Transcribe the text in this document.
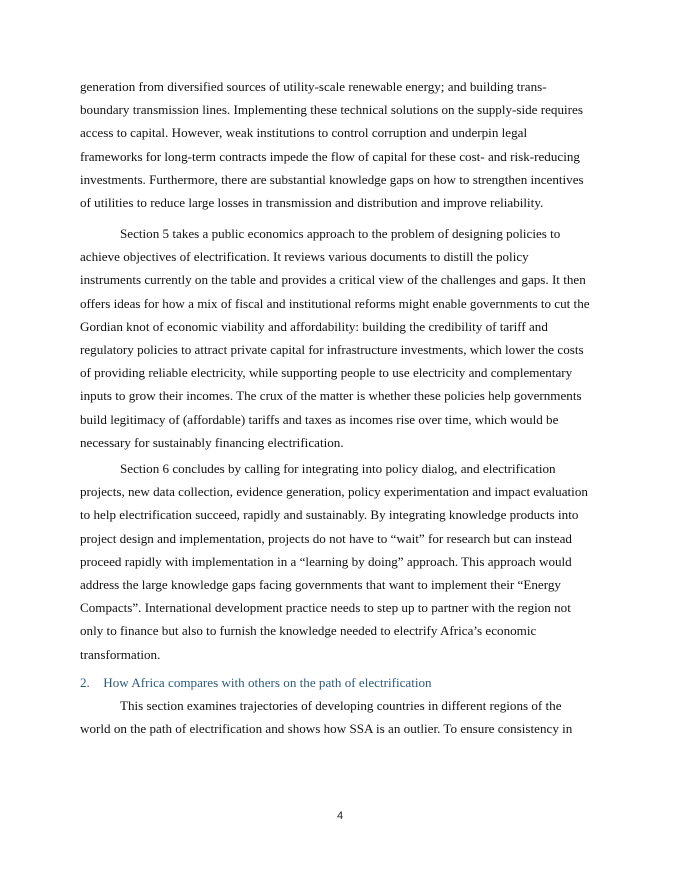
generation from diversified sources of utility-scale renewable energy; and building trans-
boundary transmission lines. Implementing these technical solutions on the supply-side requires
access to capital. However, weak institutions to control corruption and underpin legal
frameworks for long-term contracts impede the flow of capital for these cost- and risk-reducing
investments. Furthermore, there are substantial knowledge gaps on how to strengthen incentives
of utilities to reduce large losses in transmission and distribution and improve reliability.
Section 5 takes a public economics approach to the problem of designing policies to
achieve objectives of electrification. It reviews various documents to distill the policy
instruments currently on the table and provides a critical view of the challenges and gaps. It then
offers ideas for how a mix of fiscal and institutional reforms might enable governments to cut the
Gordian knot of economic viability and affordability: building the credibility of tariff and
regulatory policies to attract private capital for infrastructure investments, which lower the costs
of providing reliable electricity, while supporting people to use electricity and complementary
inputs to grow their incomes. The crux of the matter is whether these policies help governments
build legitimacy of (affordable) tariffs and taxes as incomes rise over time, which would be
necessary for sustainably financing electrification.
Section 6 concludes by calling for integrating into policy dialog, and electrification
projects, new data collection, evidence generation, policy experimentation and impact evaluation
to help electrification succeed, rapidly and sustainably. By integrating knowledge products into
project design and implementation, projects do not have to “wait” for research but can instead
proceed rapidly with implementation in a “learning by doing” approach. This approach would
address the large knowledge gaps facing governments that want to implement their “Energy
Compacts”. International development practice needs to step up to partner with the region not
only to finance but also to furnish the knowledge needed to electrify Africa’s economic
transformation.
2. How Africa compares with others on the path of electrification
This section examines trajectories of developing countries in different regions of the
world on the path of electrification and shows how SSA is an outlier. To ensure consistency in
4
